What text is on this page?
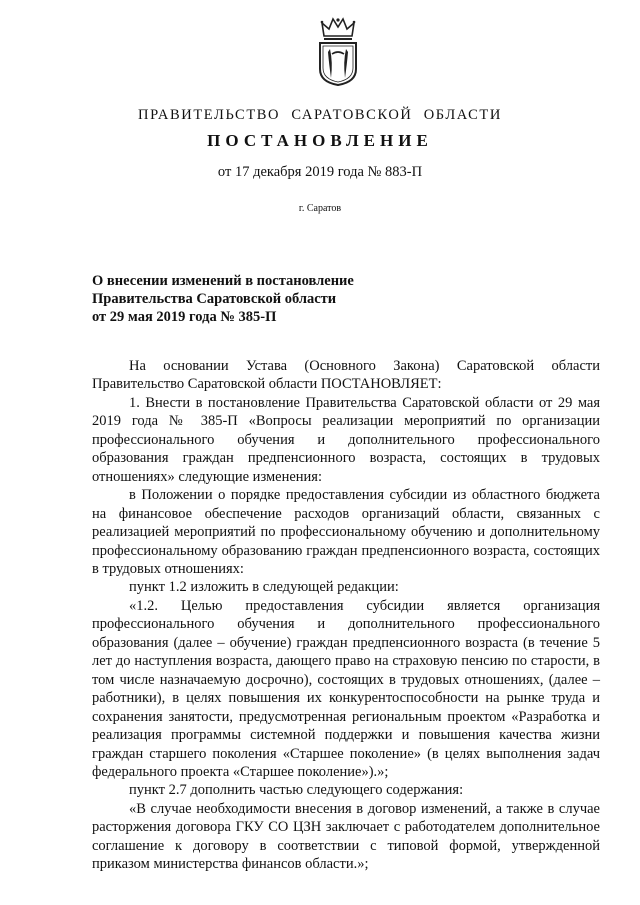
ПРАВИТЕЛЬСТВО САРАТОВСКОЙ ОБЛАСТИ
ПОСТАНОВЛЕНИЕ
от 17 декабря 2019 года № 883-П
г. Саратов
О внесении изменений в постановление
Правительства Саратовской области
от 29 мая 2019 года № 385-П

На основании Устава (Основного Закона) Саратовской области Правительство Саратовской области ПОСТАНОВЛЯЕТ:

1. Внести в постановление Правительства Саратовской области от 29 мая 2019 года № 385-П «Вопросы реализации мероприятий по организации профессионального обучения и дополнительного профессионального образования граждан предпенсионного возраста, состоящих в трудовых отношениях» следующие изменения:

в Положении о порядке предоставления субсидии из областного бюджета на финансовое обеспечение расходов организаций области, связанных с реализацией мероприятий по профессиональному обучению и дополнительному профессиональному образованию граждан предпенсионного возраста, состоящих в трудовых отношениях:

пункт 1.2 изложить в следующей редакции:

«1.2. Целью предоставления субсидии является организация профессионального обучения и дополнительного профессионального образования (далее – обучение) граждан предпенсионного возраста (в течение 5 лет до наступления возраста, дающего право на страховую пенсию по старости, в том числе назначаемую досрочно), состоящих в трудовых отношениях, (далее – работники), в целях повышения их конкурентоспособности на рынке труда и сохранения занятости, предусмотренная региональным проектом «Разработка и реализация программы системной поддержки и повышения качества жизни граждан старшего поколения «Старшее поколение» (в целях выполнения задач федерального проекта «Старшее поколение»).»;

пункт 2.7 дополнить частью следующего содержания:

«В случае необходимости внесения в договор изменений, а также в случае расторжения договора ГКУ СО ЦЗН заключает с работодателем дополнительное соглашение к договору в соответствии с типовой формой, утвержденной приказом министерства финансов области.»;
